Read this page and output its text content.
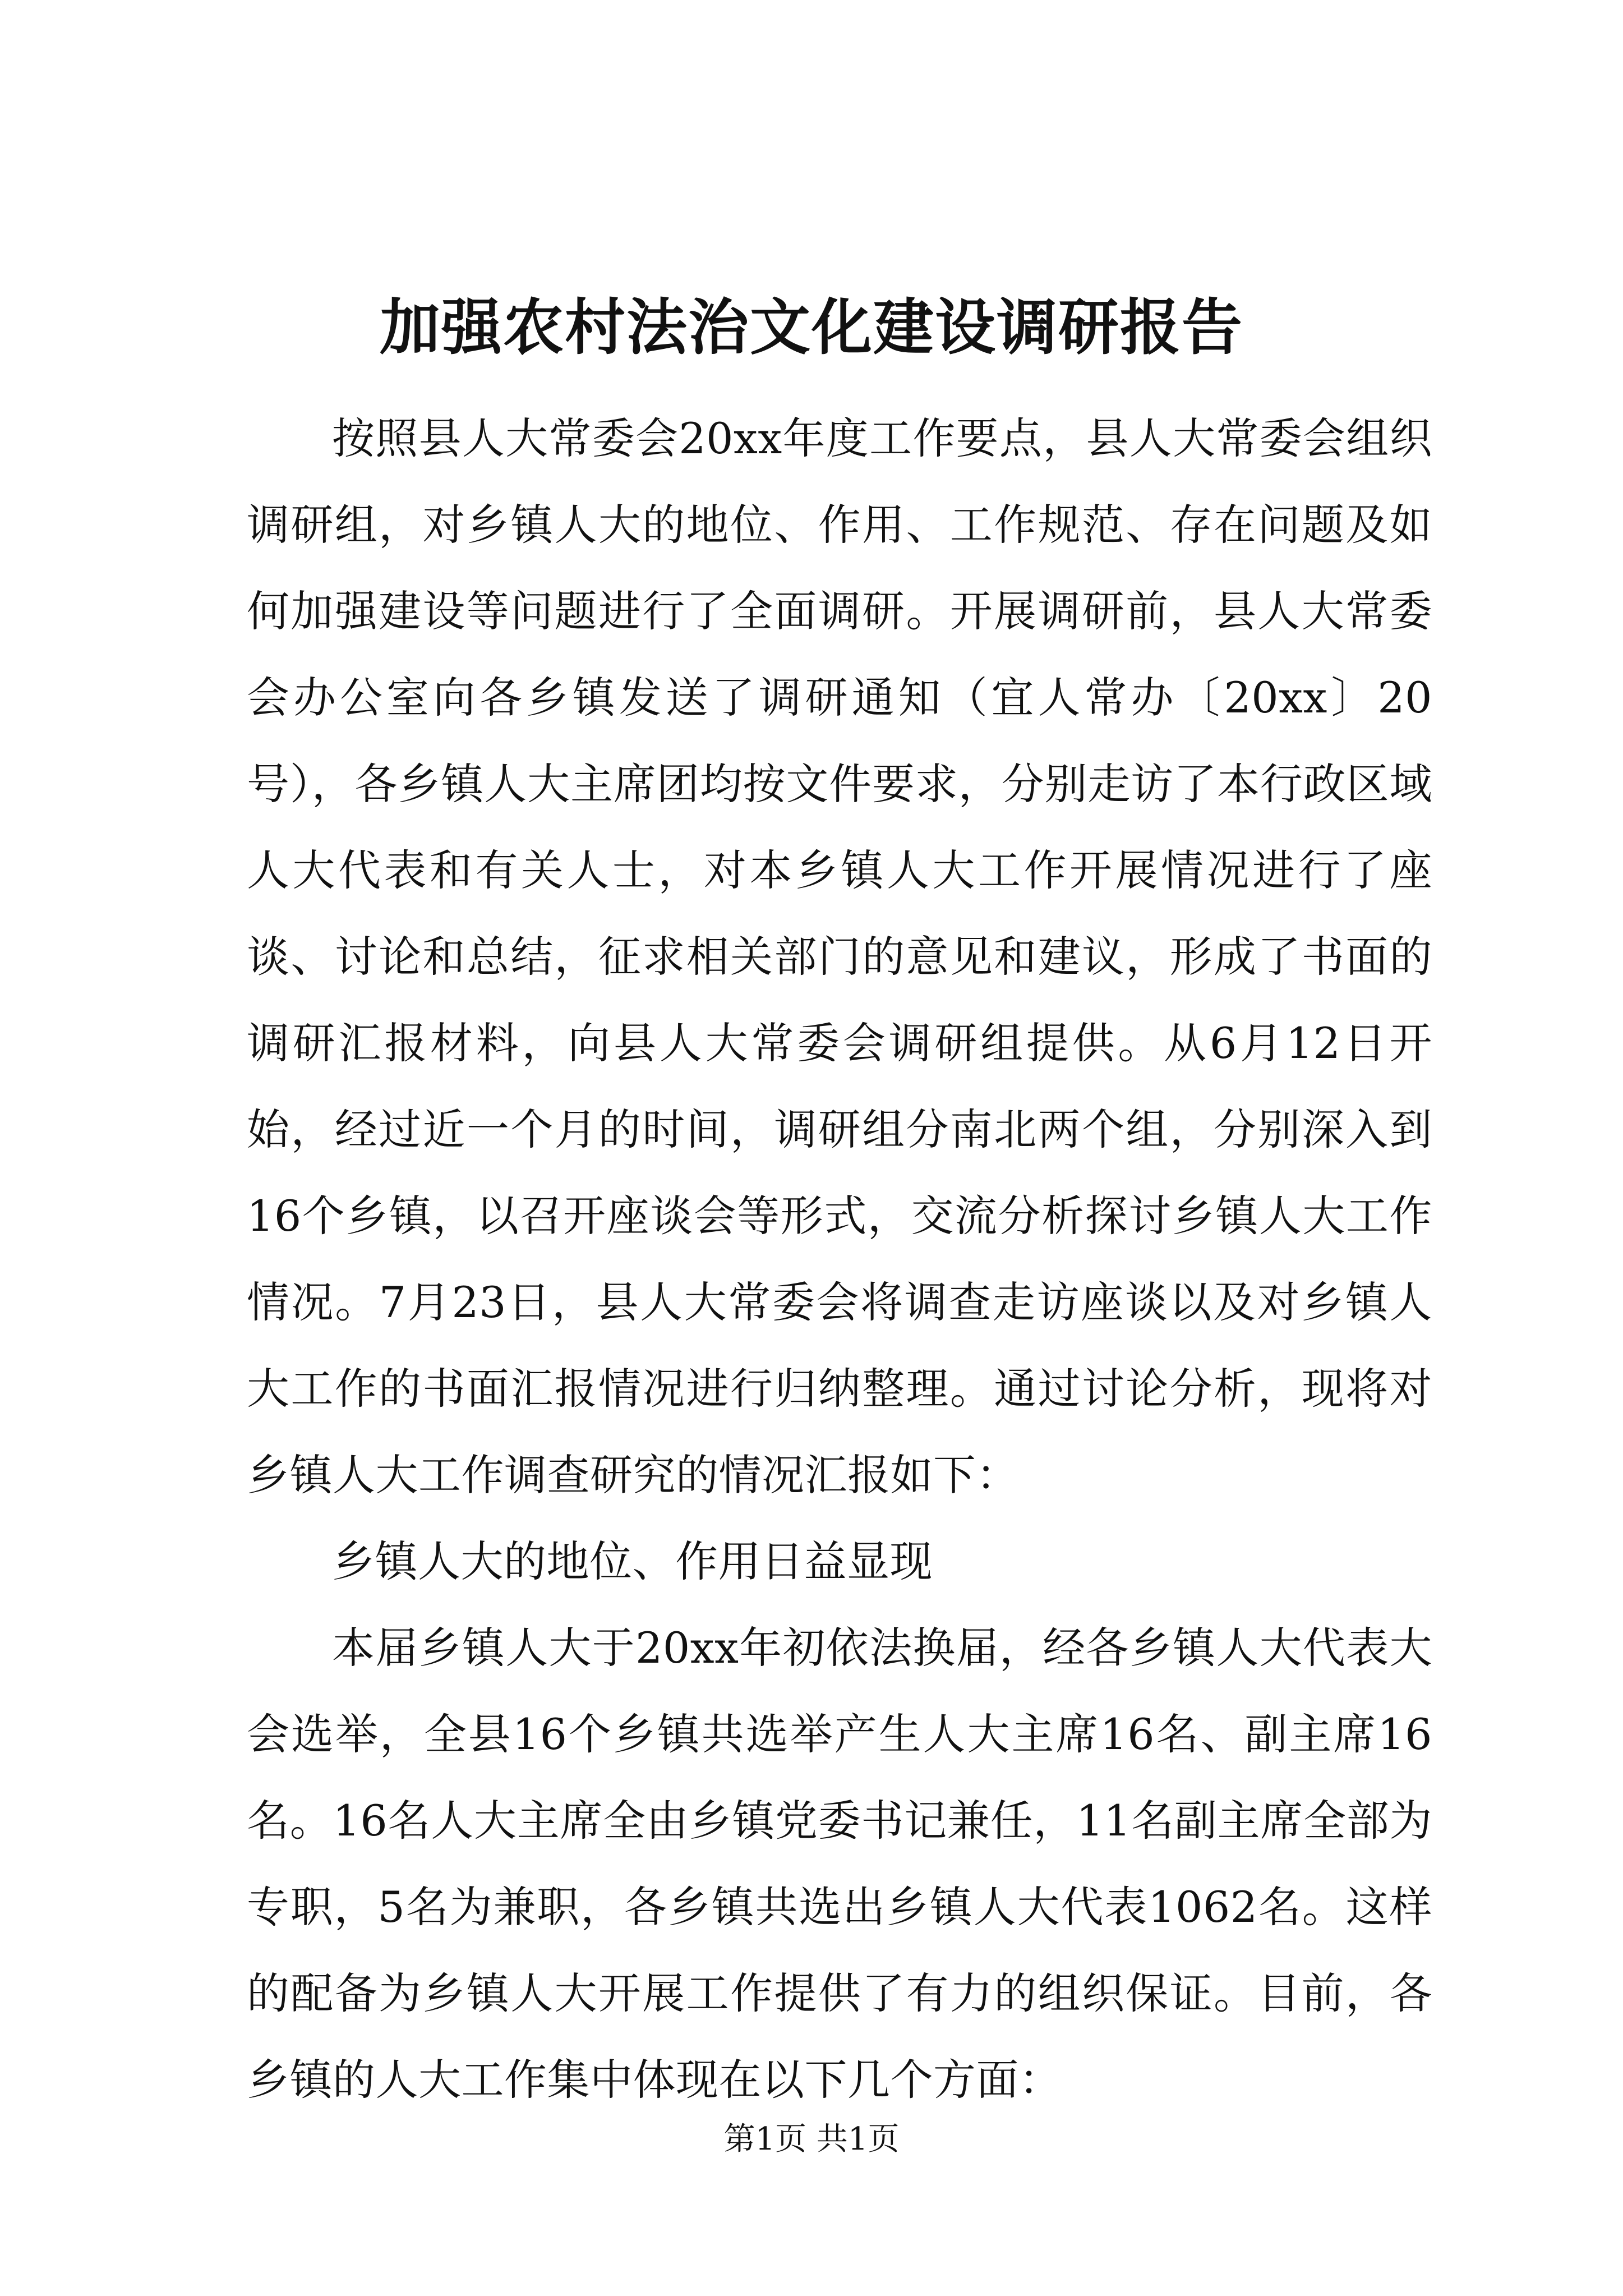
加强农村法治文化建设调研报告

按照县人大常委会20xx年度工作要点，县人大常委会组织调研组，对乡镇人大的地位、作用、工作规范、存在问题及如何加强建设等问题进行了全面调研。开展调研前，县人大常委会办公室向各乡镇发送了调研通知（宜人常办〔20xx〕20号），各乡镇人大主席团均按文件要求，分别走访了本行政区域人大代表和有关人士，对本乡镇人大工作开展情况进行了座谈、讨论和总结，征求相关部门的意见和建议，形成了书面的调研汇报材料，向县人大常委会调研组提供。从6月12日开始，经过近一个月的时间，调研组分南北两个组，分别深入到16个乡镇，以召开座谈会等形式，交流分析探讨乡镇人大工作情况。7月23日，县人大常委会将调查走访座谈以及对乡镇人大工作的书面汇报情况进行归纳整理。通过讨论分析，现将对乡镇人大工作调查研究的情况汇报如下：

乡镇人大的地位、作用日益显现

本届乡镇人大于20xx年初依法换届，经各乡镇人大代表大会选举，全县16个乡镇共选举产生人大主席16名、副主席16名。16名人大主席全由乡镇党委书记兼任，11名副主席全部为专职，5名为兼职，各乡镇共选出乡镇人大代表1062名。这样的配备为乡镇人大开展工作提供了有力的组织保证。目前，各乡镇的人大工作集中体现在以下几个方面：

第1页 共1页
